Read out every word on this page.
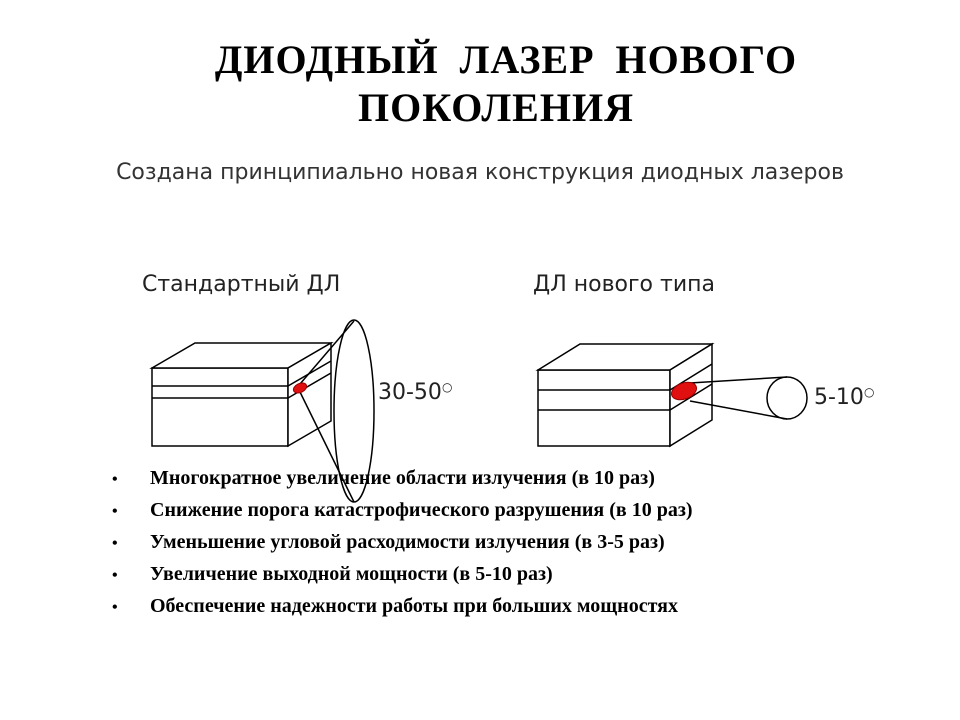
ДИОДНЫЙ ЛАЗЕР НОВОГО
ПОКОЛЕНИЯ
Создана принципиально новая конструкция диодных лазеров
Стандартный ДЛ	ДЛ нового типа
30-50○	5-10○
• Многократное увеличение области излучения (в 10 раз)
• Снижение порога катастрофического разрушения (в 10 раз)
• Уменьшение угловой расходимости излучения (в 3-5 раз)
• Увеличение выходной мощности (в 5-10 раз)
• Обеспечение надежности работы при больших мощностях
